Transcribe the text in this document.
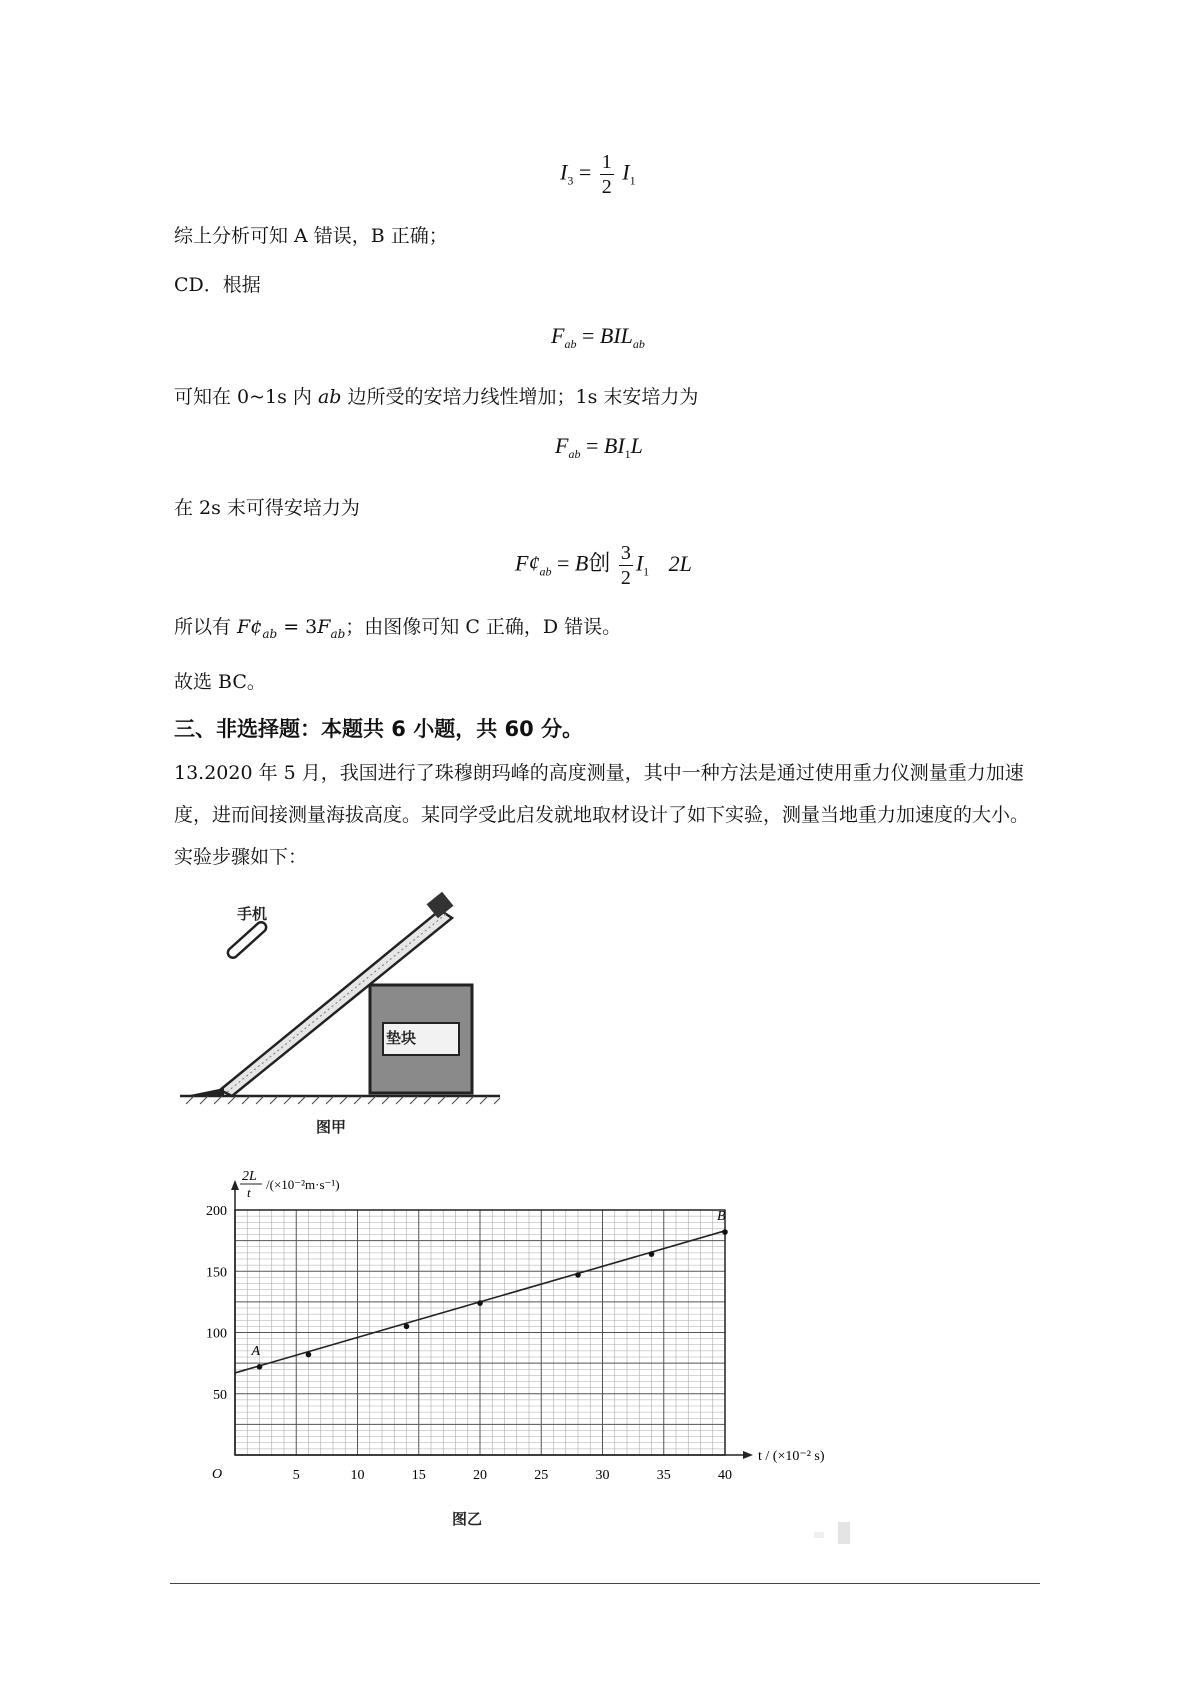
$I_3 = \frac{1}{2} I_1$
综上分析可知 A 错误，B 正确；
CD．根据
$F_{ab} = BIL_{ab}$
可知在 0~1s 内 ab 边所受的安培力线性增加；1s 末安培力为
$F_{ab} = BI_1L$
在 2s 末可得安培力为
$F¢_{ab} = B$创 $\frac{3}{2} I_1$ 2L
所以有 $F¢_{ab} = 3F_{ab}$；由图像可知 C 正确，D 错误。
故选 BC。
三、非选择题：本题共 6 小题，共 60 分。
13.2020 年 5 月，我国进行了珠穆朗玛峰的高度测量，其中一种方法是通过使用重力仪测量重力加速度，进而间接测量海拔高度。某同学受此启发就地取材设计了如下实验，测量当地重力加速度的大小。实验步骤如下：
手机
垫块
图甲
5	10	15	20	25	30	35	40
50
100
150
200
A
B
2L
t
/(×10⁻²m·s⁻¹)
t / (×10⁻² s)
O
图乙
